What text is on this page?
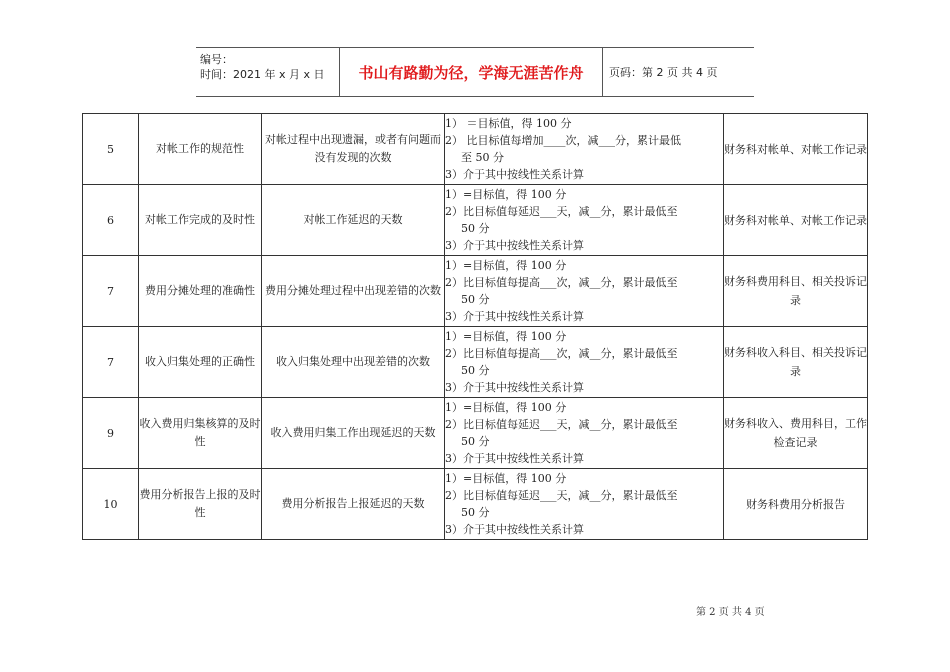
编号：
时间：2021 年 x 月 x 日	书山有路勤为径，学海无涯苦作舟	页码：第 2 页 共 4 页
5	对帐工作的规范性	对帐过程中出现遗漏，或者有问题而没有发现的次数	1） ＝目标值，得 100 分
2） 比目标值每增加____次，减___分，累计最低
至 50 分
3）介于其中按线性关系计算	财务科对帐单、对帐工作记录
6	对帐工作完成的及时性	对帐工作延迟的天数	1）=目标值，得 100 分
2）比目标值每延迟___天，减__分，累计最低至
50 分
3）介于其中按线性关系计算	财务科对帐单、对帐工作记录
7	费用分摊处理的准确性	费用分摊处理过程中出现差错的次数	1）=目标值，得 100 分
2）比目标值每提高___次，减__分，累计最低至
50 分
3）介于其中按线性关系计算	财务科费用科目、相关投诉记录
7	收入归集处理的正确性	收入归集处理中出现差错的次数	1）=目标值，得 100 分
2）比目标值每提高___次，减__分，累计最低至
50 分
3）介于其中按线性关系计算	财务科收入科目、相关投诉记录
9	收入费用归集核算的及时性	收入费用归集工作出现延迟的天数	1）=目标值，得 100 分
2）比目标值每延迟___天，减__分，累计最低至
50 分
3）介于其中按线性关系计算	财务科收入、费用科目，工作检查记录
10	费用分析报告上报的及时性	费用分析报告上报延迟的天数	1）=目标值，得 100 分
2）比目标值每延迟___天，减__分，累计最低至
50 分
3）介于其中按线性关系计算	财务科费用分析报告
第 2 页 共 4 页
